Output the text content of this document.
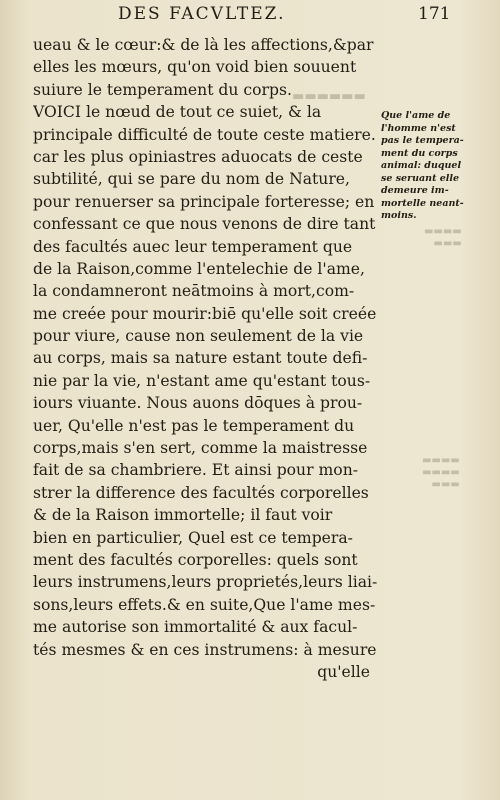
DES FACVLTEZ.	171
ueau & le cœur:& de là les affections,&par
elles les mœurs, qu'on void bien souuent
suiure le temperament du corps.
VOICI le nœud de tout ce suiet, & la
principale difficulté de toute ceste matiere.
car les plus opiniastres aduocats de ceste
subtilité, qui se pare du nom de Nature,
pour renuerser sa principale forteresse; en
confessant ce que nous venons de dire tant
des facultés auec leur temperament que
de la Raison,comme l'entelechie de l'ame,
la condamneront neātmoins à mort,com-
me creée pour mourir:biē qu'elle soit creée
pour viure, cause non seulement de la vie
au corps, mais sa nature estant toute defi-
nie par la vie, n'estant ame qu'estant tous-
iours viuante. Nous auons dōques à prou-
uer, Qu'elle n'est pas le temperament du
corps,mais s'en sert, comme la maistresse
fait de sa chambriere. Et ainsi pour mon-
strer la difference des facultés corporelles
& de la Raison immortelle; il faut voir
bien en particulier, Quel est ce tempera-
ment des facultés corporelles: quels sont
leurs instrumens,leurs proprietés,leurs liai-
sons,leurs effets.& en suite,Que l'ame mes-
me autorise son immortalité & aux facul-
tés mesmes & en ces instrumens: à mesure
qu'elle
Que l'ame de
l'homme n'est
pas le tempera-
ment du corps
animal: duquel
se seruant elle
demeure im-
mortelle neant-
moins.
▬▬▬▬
▬▬▬
▬▬▬▬
▬▬▬▬
▬▬▬
▬▬▬▬▬▬
